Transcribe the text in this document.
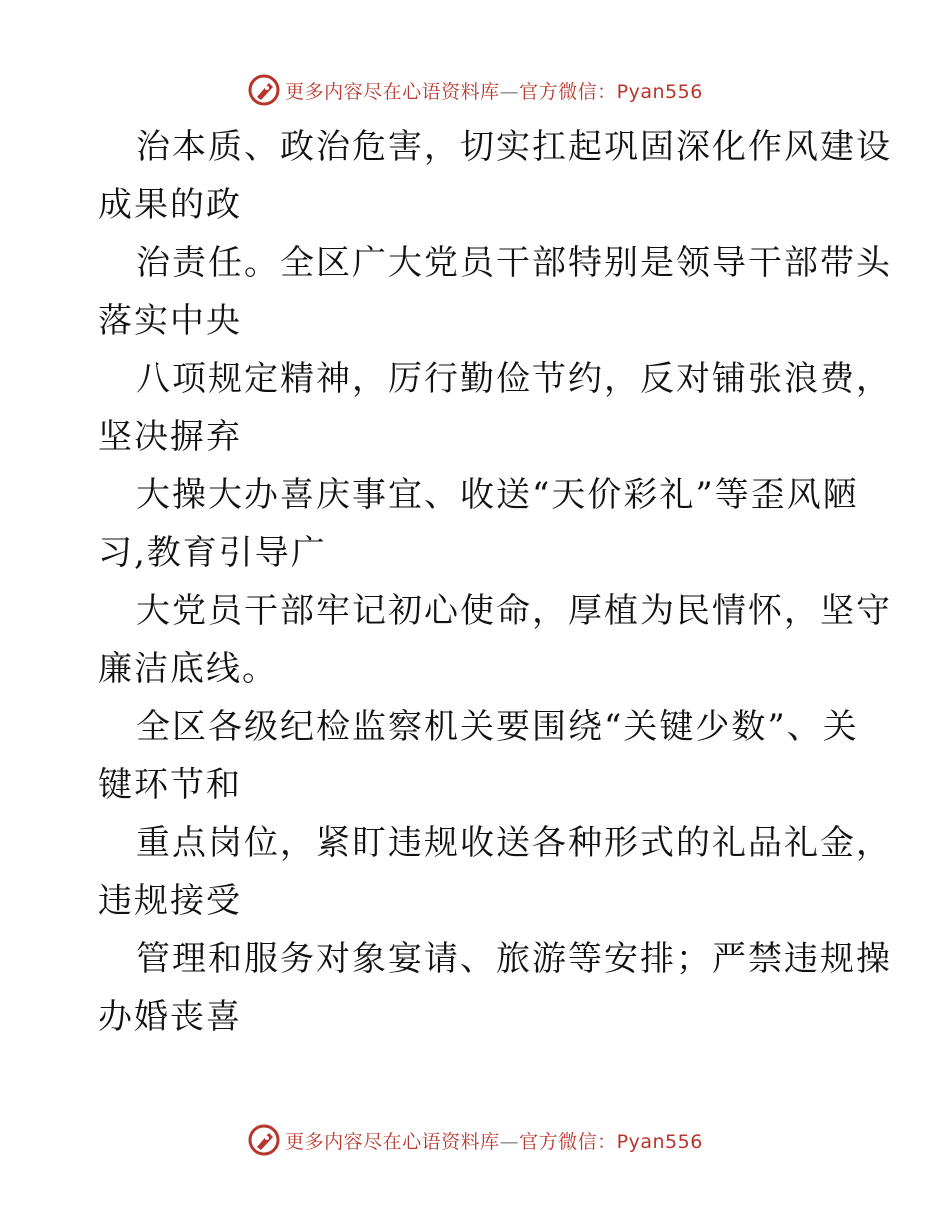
更多内容尽在心语资料库—官方微信：Pyan556
治本质、政治危害，切实扛起巩固深化作风建设
成果的政
治责任。全区广大党员干部特别是领导干部带头
落实中央
八项规定精神，厉行勤俭节约，反对铺张浪费，
坚决摒弃
大操大办喜庆事宜、收送“天价彩礼”等歪风陋
习,教育引导广
大党员干部牢记初心使命，厚植为民情怀，坚守
廉洁底线。
全区各级纪检监察机关要围绕“关键少数”、关
键环节和
重点岗位，紧盯违规收送各种形式的礼品礼金，
违规接受
管理和服务对象宴请、旅游等安排；严禁违规操
办婚丧喜
更多内容尽在心语资料库—官方微信：Pyan556
